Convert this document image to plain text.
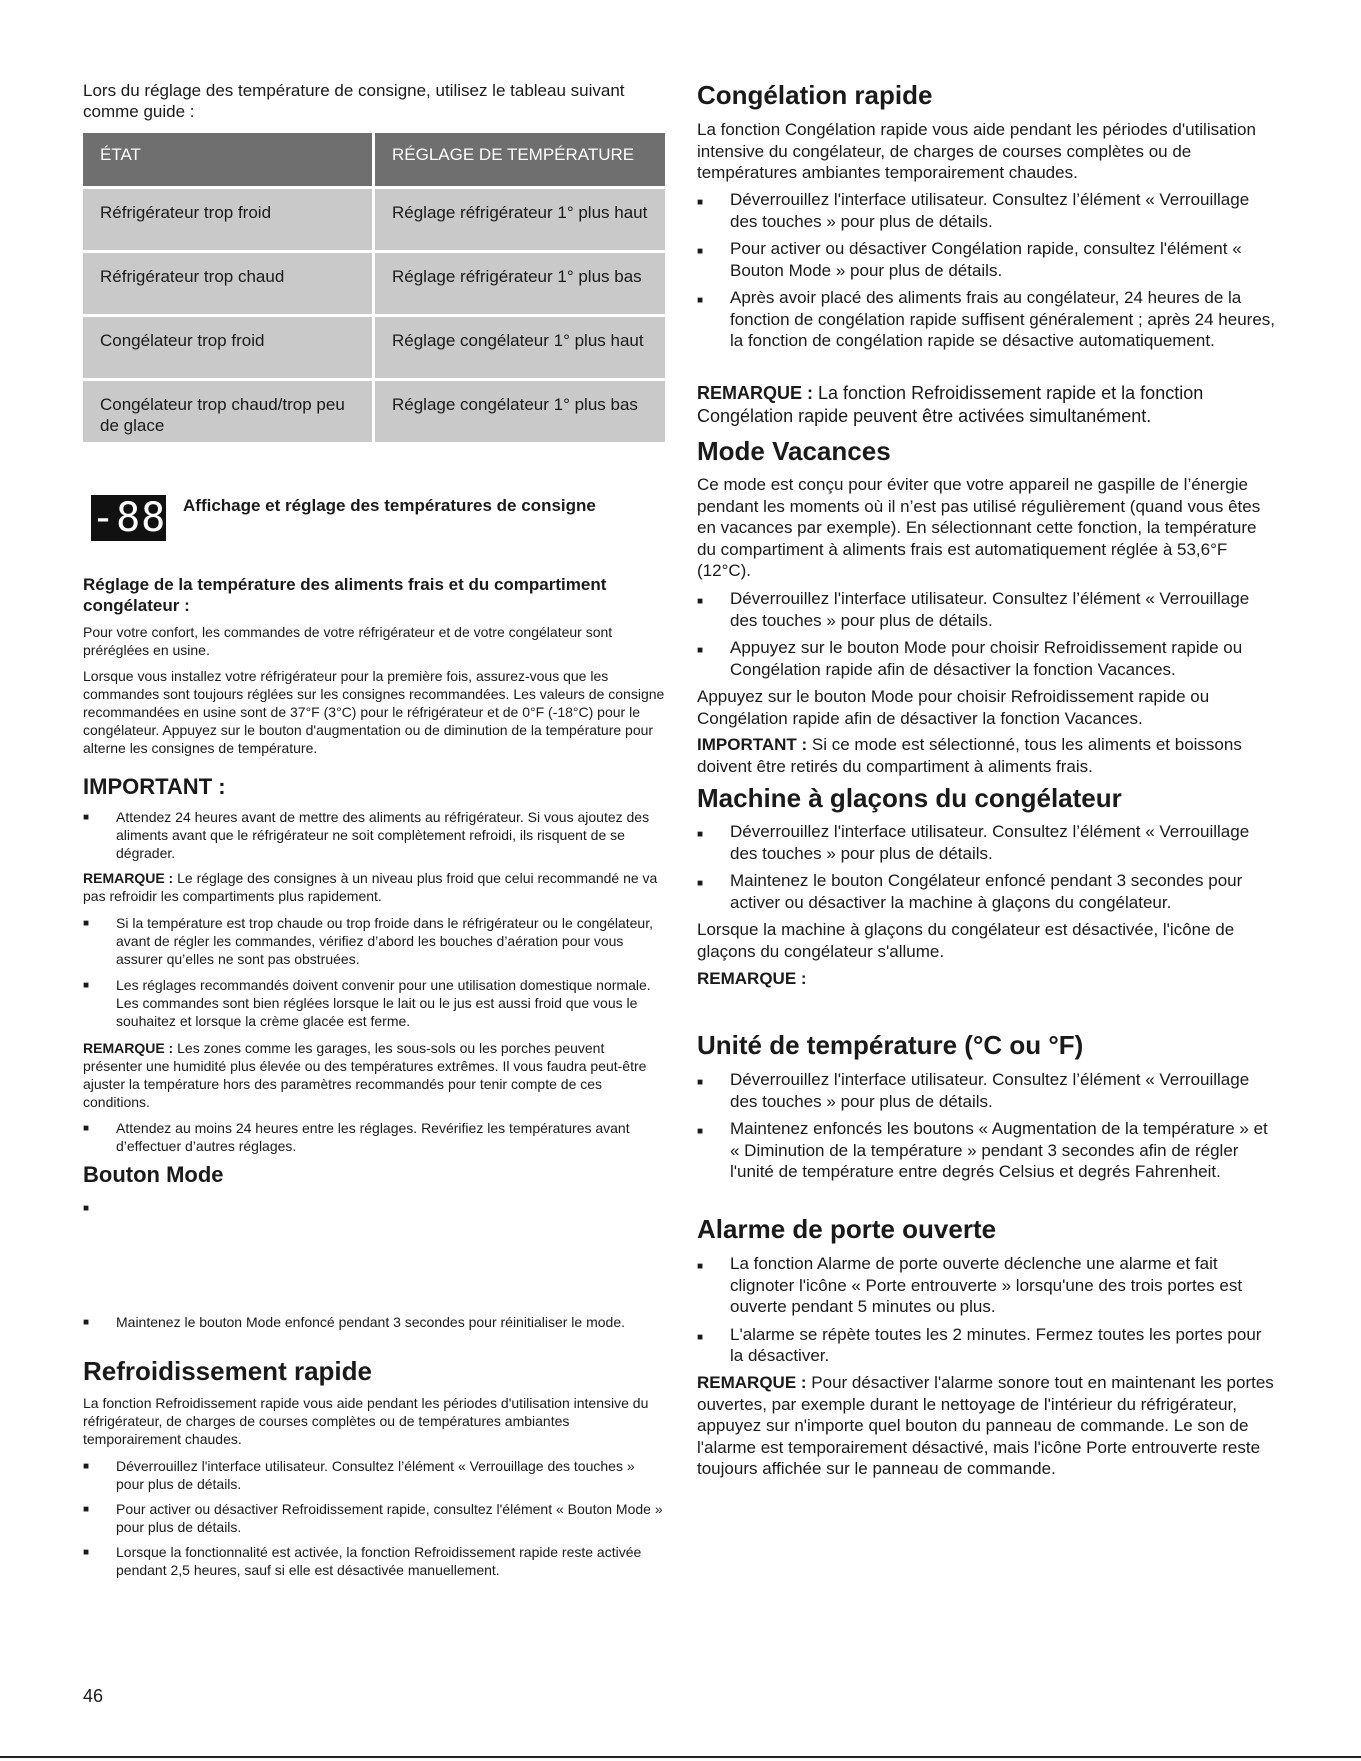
Lors du réglage des température de consigne, utilisez le tableau suivant comme guide :
ÉTAT	RÉGLAGE DE TEMPÉRATURE
Réfrigérateur trop froid	Réglage réfrigérateur 1° plus haut
Réfrigérateur trop chaud	Réglage réfrigérateur 1° plus bas
Congélateur trop froid	Réglage congélateur 1° plus haut
Congélateur trop chaud/trop peu de glace	Réglage congélateur 1° plus bas
-88 Affichage et réglage des températures de consigne
Réglage de la température des aliments frais et du compartiment congélateur :
Pour votre confort, les commandes de votre réfrigérateur et de votre congélateur sont préréglées en usine.
Lorsque vous installez votre réfrigérateur pour la première fois, assurez-vous que les commandes sont toujours réglées sur les consignes recommandées. Les valeurs de consigne recommandées en usine sont de 37°F (3°C) pour le réfrigérateur et de 0°F (-18°C) pour le congélateur. Appuyez sur le bouton d'augmentation ou de diminution de la température pour alterne les consignes de température.
IMPORTANT :
■ Attendez 24 heures avant de mettre des aliments au réfrigérateur. Si vous ajoutez des aliments avant que le réfrigérateur ne soit complètement refroidi, ils risquent de se dégrader.
REMARQUE : Le réglage des consignes à un niveau plus froid que celui recommandé ne va pas refroidir les compartiments plus rapidement.
■ Si la température est trop chaude ou trop froide dans le réfrigérateur ou le congélateur, avant de régler les commandes, vérifiez d’abord les bouches d’aération pour vous assurer qu’elles ne sont pas obstruées.
■ Les réglages recommandés doivent convenir pour une utilisation domestique normale. Les commandes sont bien réglées lorsque le lait ou le jus est aussi froid que vous le souhaitez et lorsque la crème glacée est ferme.
REMARQUE : Les zones comme les garages, les sous-sols ou les porches peuvent présenter une humidité plus élevée ou des températures extrêmes. Il vous faudra peut-être ajuster la température hors des paramètres recommandés pour tenir compte de ces conditions.
■ Attendez au moins 24 heures entre les réglages. Revérifiez les températures avant d’effectuer d’autres réglages.
Bouton Mode
■
■ Maintenez le bouton Mode enfoncé pendant 3 secondes pour réinitialiser le mode.
Refroidissement rapide
La fonction Refroidissement rapide vous aide pendant les périodes d'utilisation intensive du réfrigérateur, de charges de courses complètes ou de températures ambiantes temporairement chaudes.
■ Déverrouillez l'interface utilisateur. Consultez l’élément « Verrouillage des touches » pour plus de détails.
■ Pour activer ou désactiver Refroidissement rapide, consultez l'élément « Bouton Mode » pour plus de détails.
■ Lorsque la fonctionnalité est activée, la fonction Refroidissement rapide reste activée pendant 2,5 heures, sauf si elle est désactivée manuellement.
Congélation rapide
La fonction Congélation rapide vous aide pendant les périodes d'utilisation intensive du congélateur, de charges de courses complètes ou de températures ambiantes temporairement chaudes.
■ Déverrouillez l'interface utilisateur. Consultez l’élément « Verrouillage des touches » pour plus de détails.
■ Pour activer ou désactiver Congélation rapide, consultez l'élément « Bouton Mode » pour plus de détails.
■ Après avoir placé des aliments frais au congélateur, 24 heures de la fonction de congélation rapide suffisent généralement ; après 24 heures, la fonction de congélation rapide se désactive automatiquement.
REMARQUE : La fonction Refroidissement rapide et la fonction Congélation rapide peuvent être activées simultanément.
Mode Vacances
Ce mode est conçu pour éviter que votre appareil ne gaspille de l’énergie pendant les moments où il n’est pas utilisé régulièrement (quand vous êtes en vacances par exemple). En sélectionnant cette fonction, la température du compartiment à aliments frais est automatiquement réglée à 53,6°F (12°C).
■ Déverrouillez l'interface utilisateur. Consultez l’élément « Verrouillage des touches » pour plus de détails.
■ Appuyez sur le bouton Mode pour choisir Refroidissement rapide ou Congélation rapide afin de désactiver la fonction Vacances.
Appuyez sur le bouton Mode pour choisir Refroidissement rapide ou Congélation rapide afin de désactiver la fonction Vacances.
IMPORTANT : Si ce mode est sélectionné, tous les aliments et boissons doivent être retirés du compartiment à aliments frais.
Machine à glaçons du congélateur
■ Déverrouillez l'interface utilisateur. Consultez l’élément « Verrouillage des touches » pour plus de détails.
■ Maintenez le bouton Congélateur enfoncé pendant 3 secondes pour activer ou désactiver la machine à glaçons du congélateur.
Lorsque la machine à glaçons du congélateur est désactivée, l'icône de glaçons du congélateur s'allume.
REMARQUE :
Unité de température (°C ou °F)
■ Déverrouillez l'interface utilisateur. Consultez l’élément « Verrouillage des touches » pour plus de détails.
■ Maintenez enfoncés les boutons « Augmentation de la température » et « Diminution de la température » pendant 3 secondes afin de régler l'unité de température entre degrés Celsius et degrés Fahrenheit.
Alarme de porte ouverte
■ La fonction Alarme de porte ouverte déclenche une alarme et fait clignoter l'icône « Porte entrouverte » lorsqu'une des trois portes est ouverte pendant 5 minutes ou plus.
■ L'alarme se répète toutes les 2 minutes. Fermez toutes les portes pour la désactiver.
REMARQUE : Pour désactiver l'alarme sonore tout en maintenant les portes ouvertes, par exemple durant le nettoyage de l'intérieur du réfrigérateur, appuyez sur n'importe quel bouton du panneau de commande. Le son de l'alarme est temporairement désactivé, mais l'icône Porte entrouverte reste toujours affichée sur le panneau de commande.
46
